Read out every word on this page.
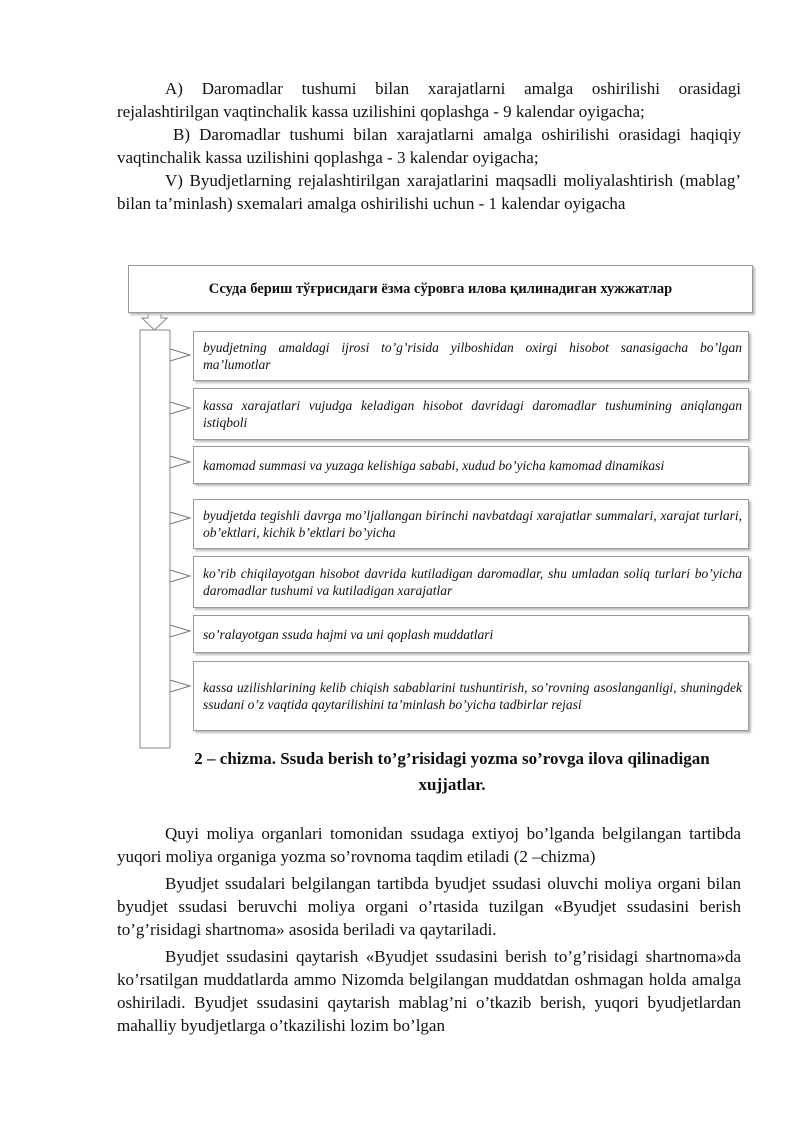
A) Daromadlar tushumi bilan xarajatlarni amalga oshirilishi orasidagi rejalashtirilgan vaqtinchalik kassa uzilishini qoplashga - 9 kalendar oyigacha;

B) Daromadlar tushumi bilan xarajatlarni amalga oshirilishi orasidagi haqiqiy vaqtinchalik kassa uzilishini qoplashga - 3 kalendar oyigacha;

V) Byudjetlarning rejalashtirilgan xarajatlarini maqsadli moliyalashtirish (mablag’ bilan ta’minlash) sxemalari amalga oshirilishi uchun - 1 kalendar oyigacha

Ссуда бериш тўғрисидаги ёзма сўровга илова қилинадиган хужжатлар
byudjetning amaldagi ijrosi to’g’risida yilboshidan oxirgi hisobot sanasigacha bo’lgan ma’lumotlar
kassa xarajatlari vujudga keladigan hisobot davridagi daromadlar tushumining aniqlangan istiqboli
kamomad summasi va yuzaga kelishiga sababi, xudud bo’yicha kamomad dinamikasi
byudjetda tegishli davrga mo’ljallangan birinchi navbatdagi xarajatlar summalari, xarajat turlari, ob’ektlari, kichik b’ektlari bo’yicha
ko’rib chiqilayotgan hisobot davrida kutiladigan daromadlar, shu umladan soliq turlari bo’yicha daromadlar tushumi va kutiladigan xarajatlar
so’ralayotgan ssuda hajmi va uni qoplash muddatlari
kassa uzilishlarining kelib chiqish sabablarini tushuntirish, so’rovning asoslanganligi, shuningdek ssudani o’z vaqtida qaytarilishini ta’minlash bo’yicha tadbirlar rejasi
2 – chizma. Ssuda berish to’g’risidagi yozma so’rovga ilova qilinadigan
xujjatlar.

Quyi moliya organlari tomonidan ssudaga extiyoj bo’lganda belgilangan tartibda yuqori moliya organiga yozma so’rovnoma taqdim etiladi (2 –chizma)

Byudjet ssudalari belgilangan tartibda byudjet ssudasi oluvchi moliya organi bilan byudjet ssudasi beruvchi moliya organi o’rtasida tuzilgan «Byudjet ssudasini berish to’g’risidagi shartnoma» asosida beriladi va qaytariladi.

Byudjet ssudasini qaytarish «Byudjet ssudasini berish to’g’risidagi shartnoma»da ko’rsatilgan muddatlarda ammo Nizomda belgilangan muddatdan oshmagan holda amalga oshiriladi. Byudjet ssudasini qaytarish mablag’ni o’tkazib berish, yuqori byudjetlardan mahalliy byudjetlarga o’tkazilishi lozim bo’lgan
